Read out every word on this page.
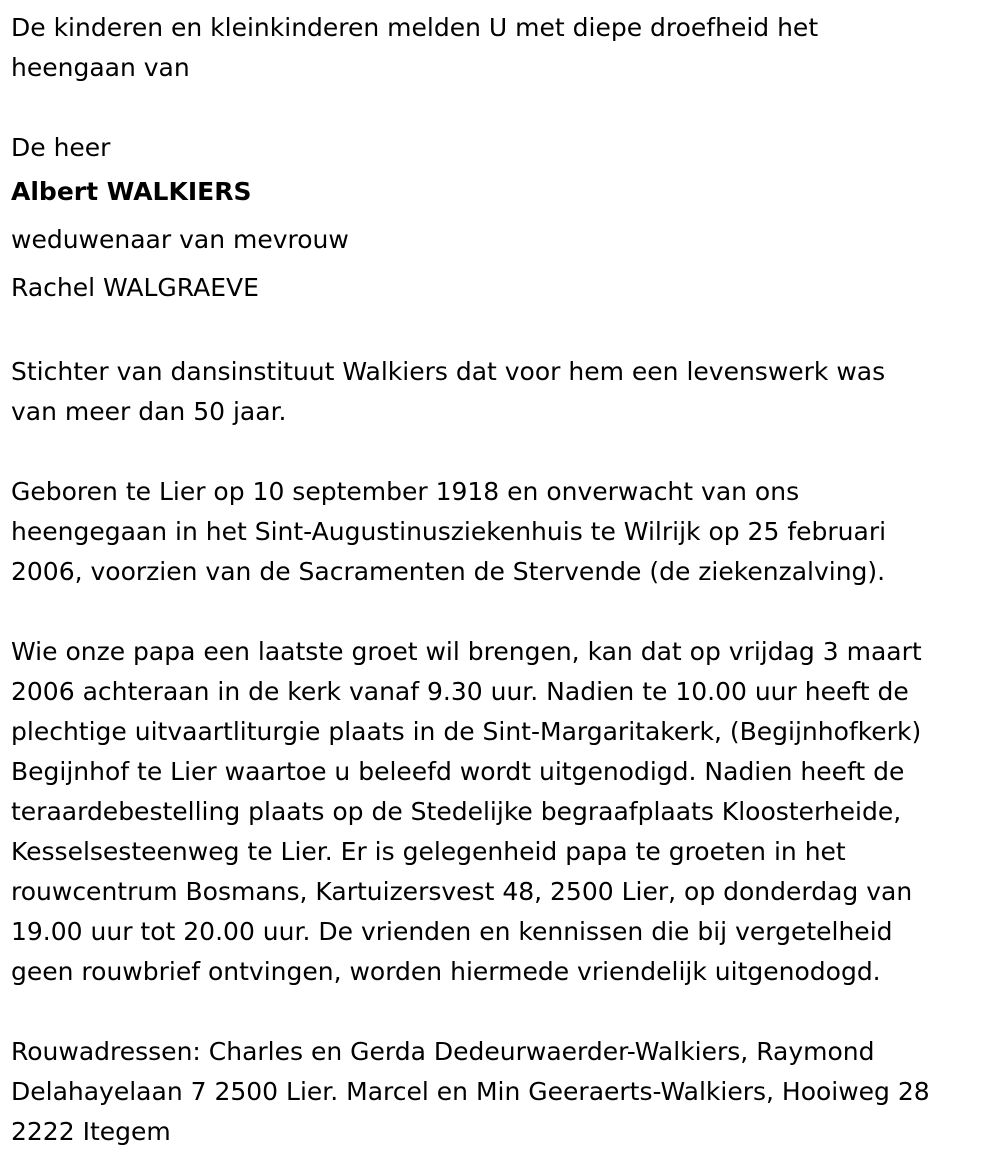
De kinderen en kleinkinderen melden U met diepe droefheid het
heengaan van

De heer

Albert WALKIERS

weduwenaar van mevrouw

Rachel WALGRAEVE

Stichter van dansinstituut Walkiers dat voor hem een levenswerk was
van meer dan 50 jaar.

Geboren te Lier op 10 september 1918 en onverwacht van ons
heengegaan in het Sint-Augustinusziekenhuis te Wilrijk op 25 februari
2006, voorzien van de Sacramenten de Stervende (de ziekenzalving).

Wie onze papa een laatste groet wil brengen, kan dat op vrijdag 3 maart
2006 achteraan in de kerk vanaf 9.30 uur. Nadien te 10.00 uur heeft de
plechtige uitvaartliturgie plaats in de Sint-Margaritakerk, (Begijnhofkerk)
Begijnhof te Lier waartoe u beleefd wordt uitgenodigd. Nadien heeft de
teraardebestelling plaats op de Stedelijke begraafplaats Kloosterheide,
Kesselsesteenweg te Lier. Er is gelegenheid papa te groeten in het
rouwcentrum Bosmans, Kartuizersvest 48, 2500 Lier, op donderdag van
19.00 uur tot 20.00 uur. De vrienden en kennissen die bij vergetelheid
geen rouwbrief ontvingen, worden hiermede vriendelijk uitgenodogd.

Rouwadressen: Charles en Gerda Dedeurwaerder-Walkiers, Raymond
Delahayelaan 7 2500 Lier. Marcel en Min Geeraerts-Walkiers, Hooiweg 28
2222 Itegem
